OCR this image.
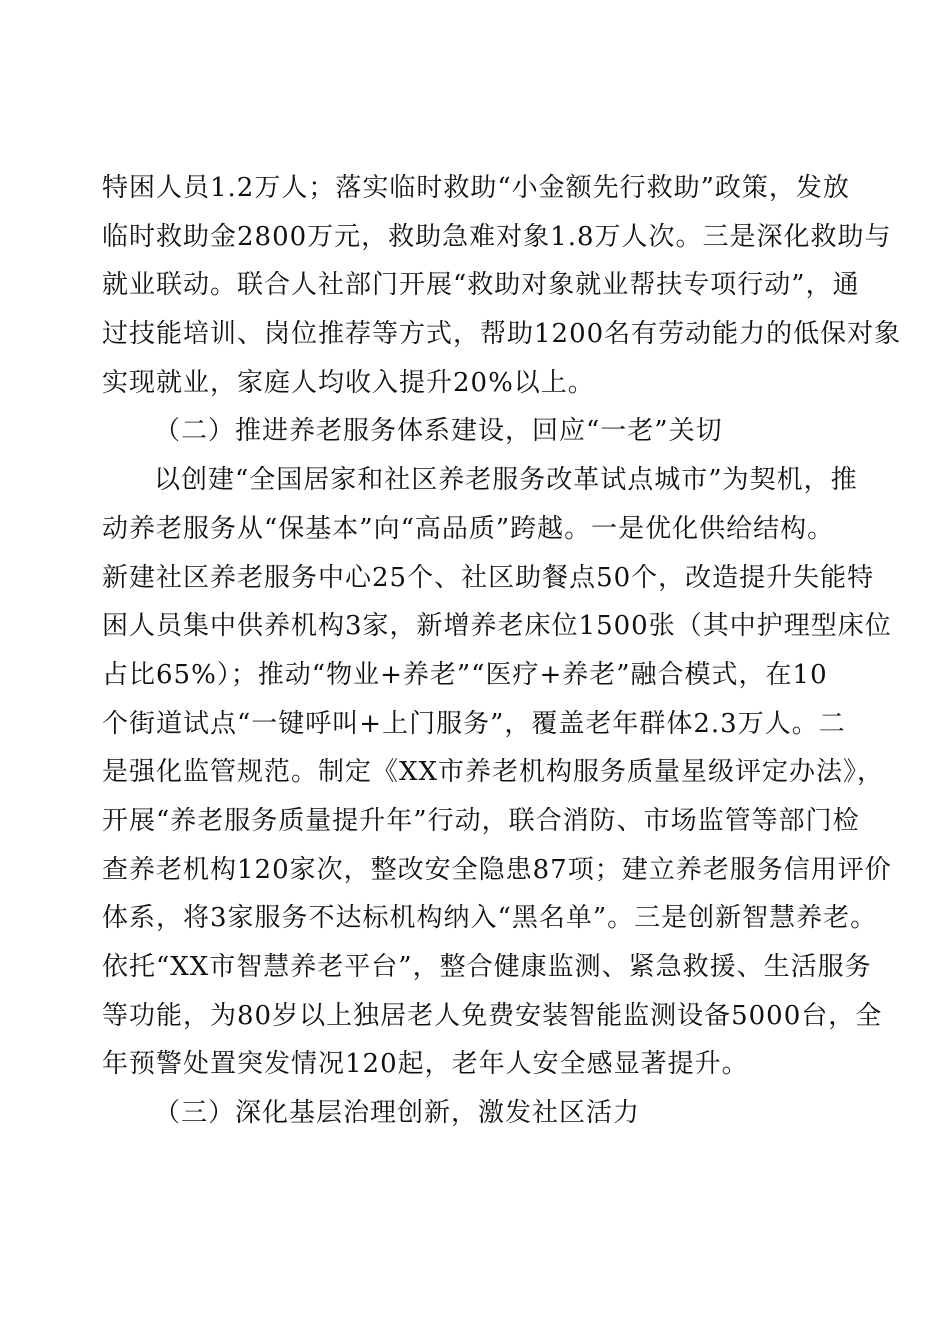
特困人员1.2万人；落实临时救助“小金额先行救助”政策，发放
临时救助金2800万元，救助急难对象1.8万人次。三是深化救助与
就业联动。联合人社部门开展“救助对象就业帮扶专项行动”，通
过技能培训、岗位推荐等方式，帮助1200名有劳动能力的低保对象
实现就业，家庭人均收入提升20%以上。
（二）推进养老服务体系建设，回应“一老”关切
以创建“全国居家和社区养老服务改革试点城市”为契机，推
动养老服务从“保基本”向“高品质”跨越。一是优化供给结构。
新建社区养老服务中心25个、社区助餐点50个，改造提升失能特
困人员集中供养机构3家，新增养老床位1500张（其中护理型床位
占比65%）；推动“物业+养老”“医疗+养老”融合模式，在10
个街道试点“一键呼叫+上门服务”，覆盖老年群体2.3万人。二
是强化监管规范。制定《XX市养老机构服务质量星级评定办法》，
开展“养老服务质量提升年”行动，联合消防、市场监管等部门检
查养老机构120家次，整改安全隐患87项；建立养老服务信用评价
体系，将3家服务不达标机构纳入“黑名单”。三是创新智慧养老。
依托“XX市智慧养老平台”，整合健康监测、紧急救援、生活服务
等功能，为80岁以上独居老人免费安装智能监测设备5000台，全
年预警处置突发情况120起，老年人安全感显著提升。
（三）深化基层治理创新，激发社区活力
